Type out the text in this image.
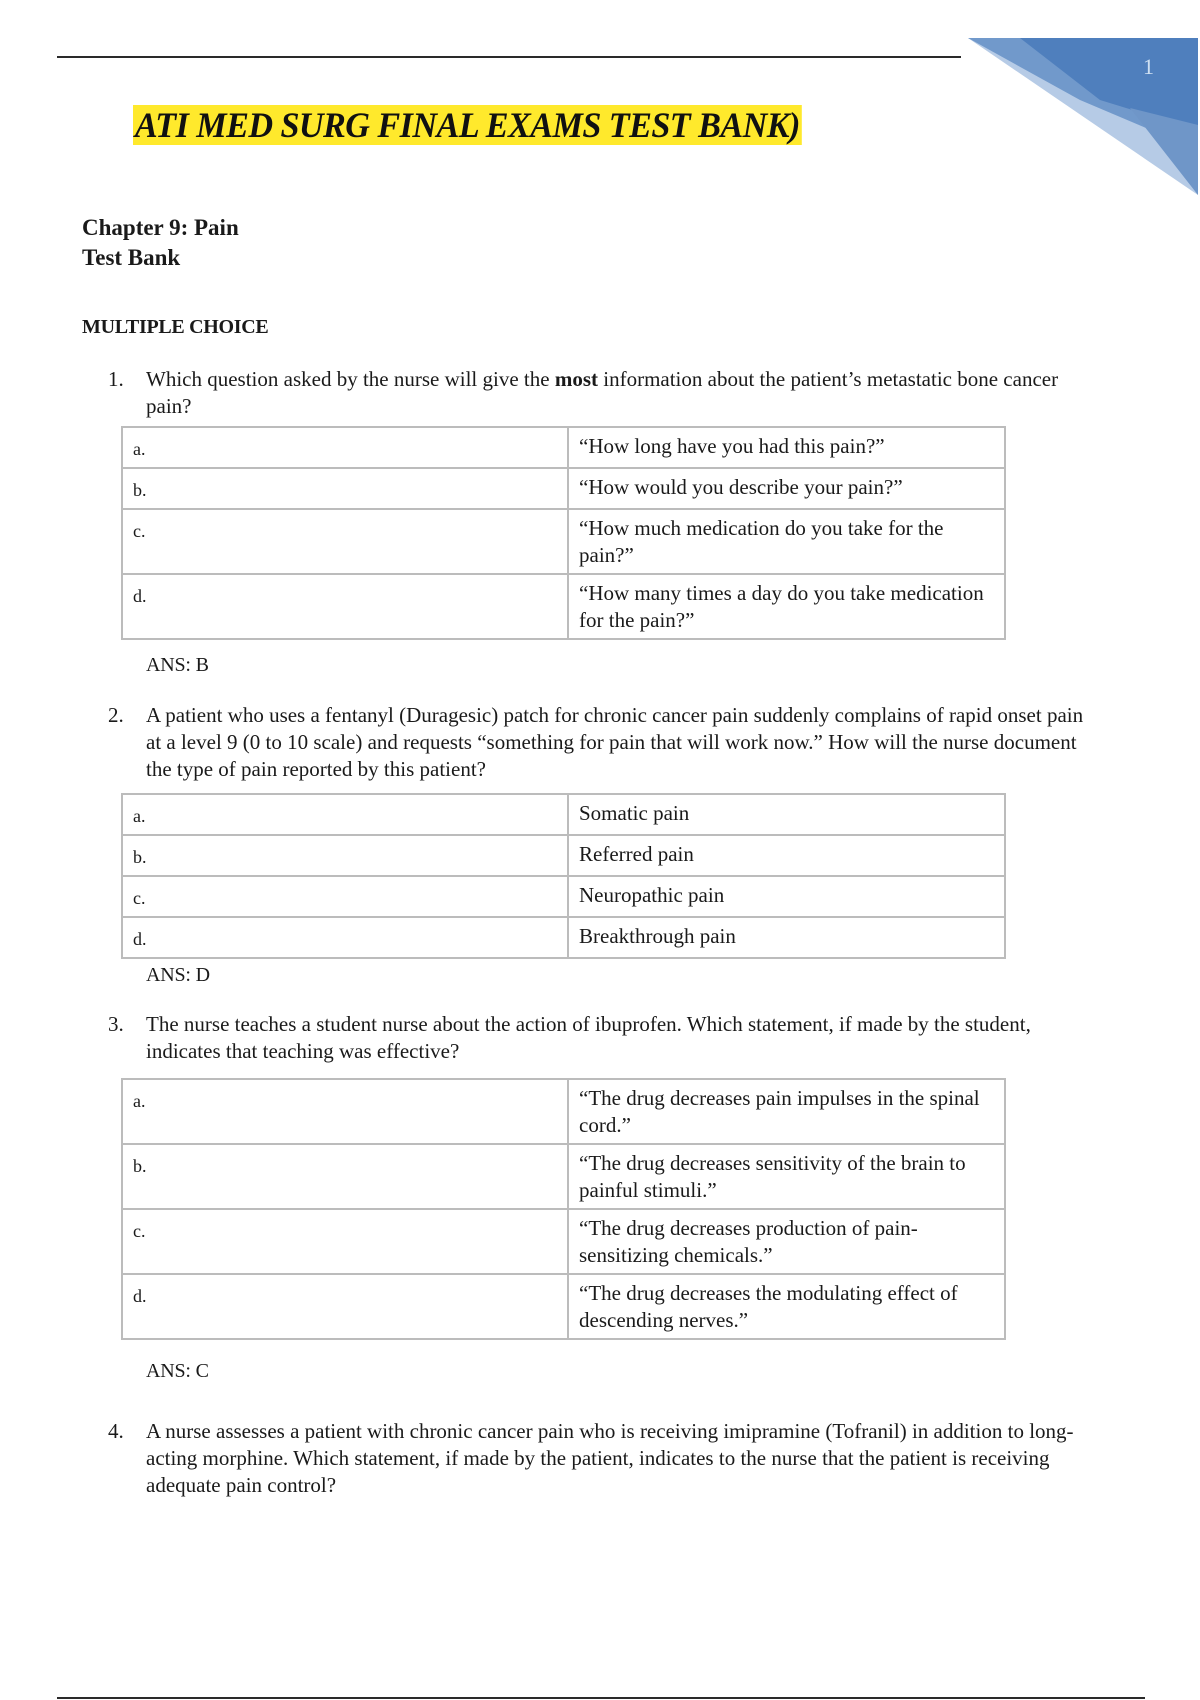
1
ATI MED SURG FINAL EXAMS TEST BANK)
Chapter 9: Pain
Test Bank
MULTIPLE CHOICE
1. Which question asked by the nurse will give the most information about the patient’s metastatic bone cancer pain?
a.	“How long have you had this pain?”
b.	“How would you describe your pain?”
c.	“How much medication do you take for the pain?”
d.	“How many times a day do you take medication for the pain?”
ANS: B
2. A patient who uses a fentanyl (Duragesic) patch for chronic cancer pain suddenly complains of rapid onset pain at a level 9 (0 to 10 scale) and requests “something for pain that will work now.” How will the nurse document the type of pain reported by this patient?
a.	Somatic pain
b.	Referred pain
c.	Neuropathic pain
d.	Breakthrough pain
ANS: D
3. The nurse teaches a student nurse about the action of ibuprofen. Which statement, if made by the student, indicates that teaching was effective?
a.	“The drug decreases pain impulses in the spinal cord.”
b.	“The drug decreases sensitivity of the brain to painful stimuli.”
c.	“The drug decreases production of pain-sensitizing chemicals.”
d.	“The drug decreases the modulating effect of descending nerves.”
ANS: C
4. A nurse assesses a patient with chronic cancer pain who is receiving imipramine (Tofranil) in addition to long-acting morphine. Which statement, if made by the patient, indicates to the nurse that the patient is receiving adequate pain control?
